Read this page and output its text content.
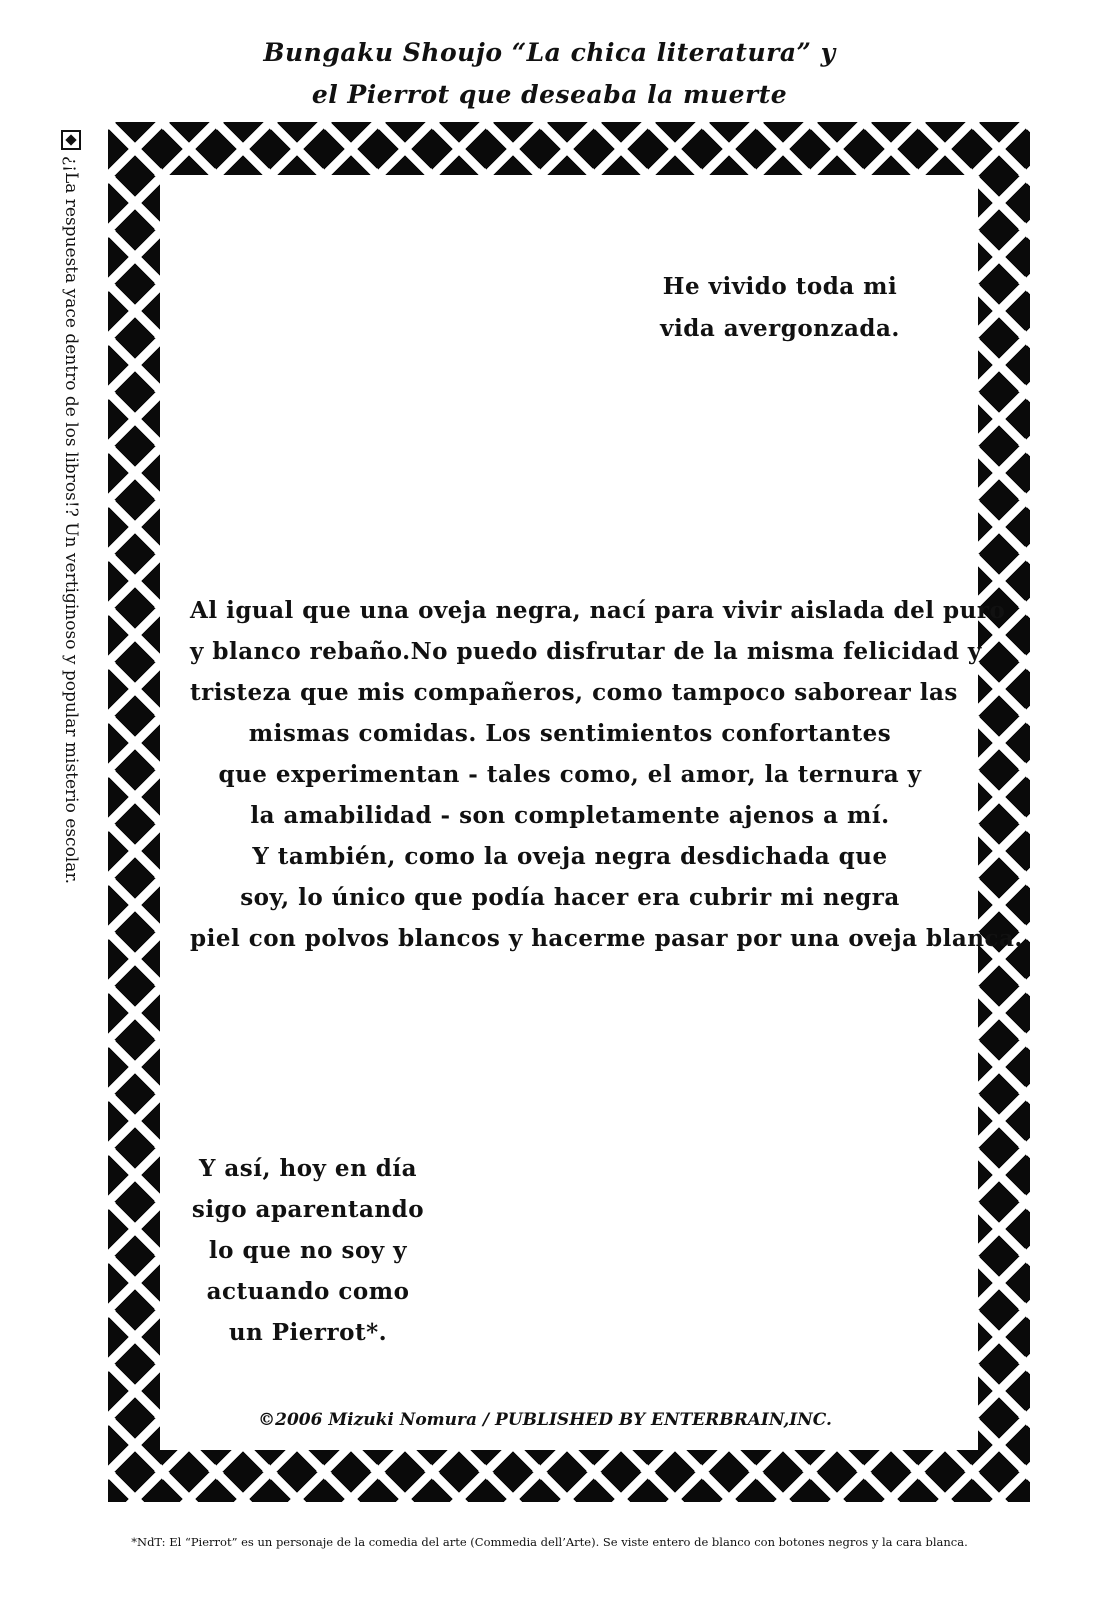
Bungaku Shoujo “La chica literatura” y
el Pierrot que deseaba la muerte
¿¡La respuesta yace dentro de los libros!? Un vertiginoso y popular misterio escolar.	He vivido toda mi
vida avergonzada.
Al igual que una oveja negra, nací para vivir aislada del puro
y blanco rebaño.No puedo disfrutar de la misma felicidad y
tristeza que mis compañeros, como tampoco saborear las
mismas comidas. Los sentimientos confortantes
que experimentan - tales como, el amor, la ternura y
la amabilidad - son completamente ajenos a mí.
Y también, como la oveja negra desdichada que
soy, lo único que podía hacer era cubrir mi negra
piel con polvos blancos y hacerme pasar por una oveja blanca.
Y así, hoy en día
sigo aparentando
lo que no soy y
actuando como
un Pierrot*.
©2006 Mizuki Nomura / PUBLISHED BY ENTERBRAIN,INC.
*NdT: El “Pierrot” es un personaje de la comedia del arte (Commedia dell’Arte). Se viste entero de blanco con botones negros y la cara blanca.
